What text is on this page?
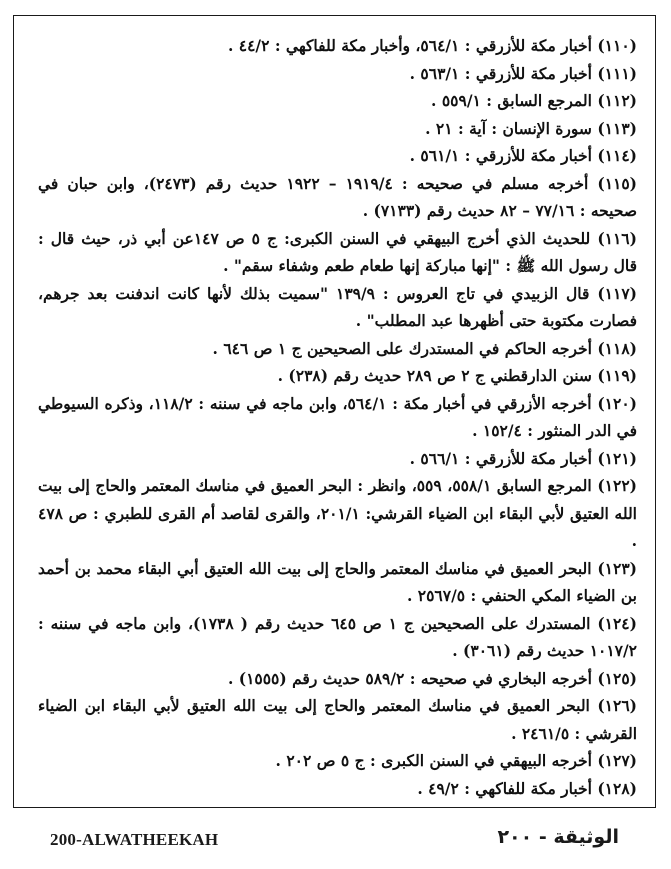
(١١٠) أخبار مكة للأزرقي : ٥٦٤/١، وأخبار مكة للفاكهي : ٤٤/٢ .

(١١١) أخبار مكة للأزرقي : ٥٦٣/١ .

(١١٢) المرجع السابق : ٥٥٩/١ .

(١١٣) سورة الإنسان : آية : ٢١ .

(١١٤) أخبار مكة للأزرقي : ٥٦١/١ .

(١١٥) أخرجه مسلم في صحيحه : ١٩١٩/٤ – ١٩٢٢ حديث رقم (٢٤٧٣)، وابن حبان في صحيحه : ٧٧/١٦ – ٨٢ حديث رقم (٧١٣٣) .

(١١٦) للحديث الذي أخرج البيهقي في السنن الكبرى: ج ٥ ص ١٤٧عن أبي ذر، حيث قال : قال رسول الله ﷺ : "إنها مباركة إنها طعام طعم وشفاء سقم" .

(١١٧) قال الزبيدي في تاج العروس : ١٣٩/٩ "سميت بذلك لأنها كانت اندفنت بعد جرهم، فصارت مكتوبة حتى أظهرها عبد المطلب" .

(١١٨) أخرجه الحاكم في المستدرك على الصحيحين ج ١ ص ٦٤٦ .

(١١٩) سنن الدارقطني ج ٢ ص ٢٨٩ حديث رقم (٢٣٨) .

(١٢٠) أخرجه الأزرقي في أخبار مكة : ٥٦٤/١، وابن ماجه في سننه : ١١٨/٢، وذكره السيوطي في الدر المنثور : ١٥٢/٤ .

(١٢١) أخبار مكة للأزرقي : ٥٦٦/١ .

(١٢٢) المرجع السابق ٥٥٨/١، ٥٥٩، وانظر : البحر العميق في مناسك المعتمر والحاج إلى بيت الله العتيق لأبي البقاء ابن الضياء القرشي: ٢٠١/١، والقرى لقاصد أم القرى للطبري : ص ٤٧٨ .

(١٢٣) البحر العميق في مناسك المعتمر والحاج إلى بيت الله العتيق أبي البقاء محمد بن أحمد بن الضياء المكي الحنفي : ٢٥٦٧/٥ .

(١٢٤) المستدرك على الصحيحين ج ١ ص ٦٤٥ حديث رقم ( ١٧٣٨)، وابن ماجه في سننه : ١٠١٧/٢ حديث رقم (٣٠٦١) .

(١٢٥) أخرجه البخاري في صحيحه : ٥٨٩/٢ حديث رقم (١٥٥٥) .

(١٢٦) البحر العميق في مناسك المعتمر والحاج إلى بيت الله العتيق لأبي البقاء ابن الضياء القرشي : ٢٤٦١/٥ .

(١٢٧) أخرجه البيهقي في السنن الكبرى : ج ٥ ص ٢٠٢ .

(١٢٨) أخبار مكة للفاكهي : ٤٩/٢ .

200-ALWATHEEKAH	الوثيقة - ٢٠٠
